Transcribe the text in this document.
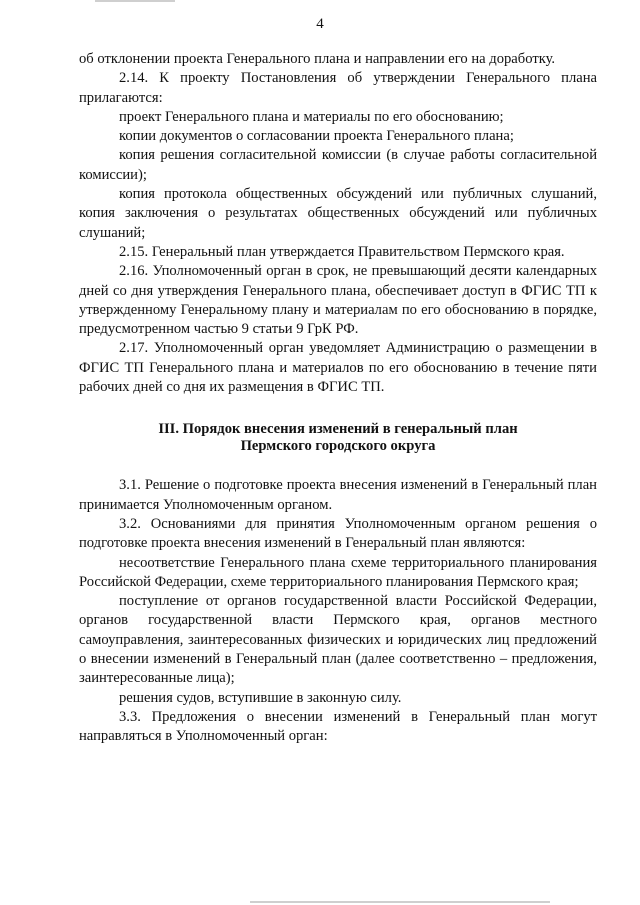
4

об отклонении проекта Генерального плана и направлении его на доработку.

2.14. К проекту Постановления об утверждении Генерального плана прилагаются:

проект Генерального плана и материалы по его обоснованию;

копии документов о согласовании проекта Генерального плана;

копия решения согласительной комиссии (в случае работы согласительной комиссии);

копия протокола общественных обсуждений или публичных слушаний, копия заключения о результатах общественных обсуждений или публичных слушаний;

2.15. Генеральный план утверждается Правительством Пермского края.

2.16. Уполномоченный орган в срок, не превышающий десяти календарных дней со дня утверждения Генерального плана, обеспечивает доступ в ФГИС ТП к утвержденному Генеральному плану и материалам по его обоснованию в порядке, предусмотренном частью 9 статьи 9 ГрК РФ.

2.17. Уполномоченный орган уведомляет Администрацию о размещении в ФГИС ТП Генерального плана и материалов по его обоснованию в течение пяти рабочих дней со дня их размещения в ФГИС ТП.

III. Порядок внесения изменений в генеральный план
Пермского городского округа

3.1. Решение о подготовке проекта внесения изменений в Генеральный план принимается Уполномоченным органом.

3.2. Основаниями для принятия Уполномоченным органом решения о подготовке проекта внесения изменений в Генеральный план являются:

несоответствие Генерального плана схеме территориального планирования Российской Федерации, схеме территориального планирования Пермского края;

поступление от органов государственной власти Российской Федерации, органов государственной власти Пермского края, органов местного самоуправления, заинтересованных физических и юридических лиц предложений о внесении изменений в Генеральный план (далее соответственно – предложения, заинтересованные лица);

решения судов, вступившие в законную силу.

3.3. Предложения о внесении изменений в Генеральный план могут направляться в Уполномоченный орган:
